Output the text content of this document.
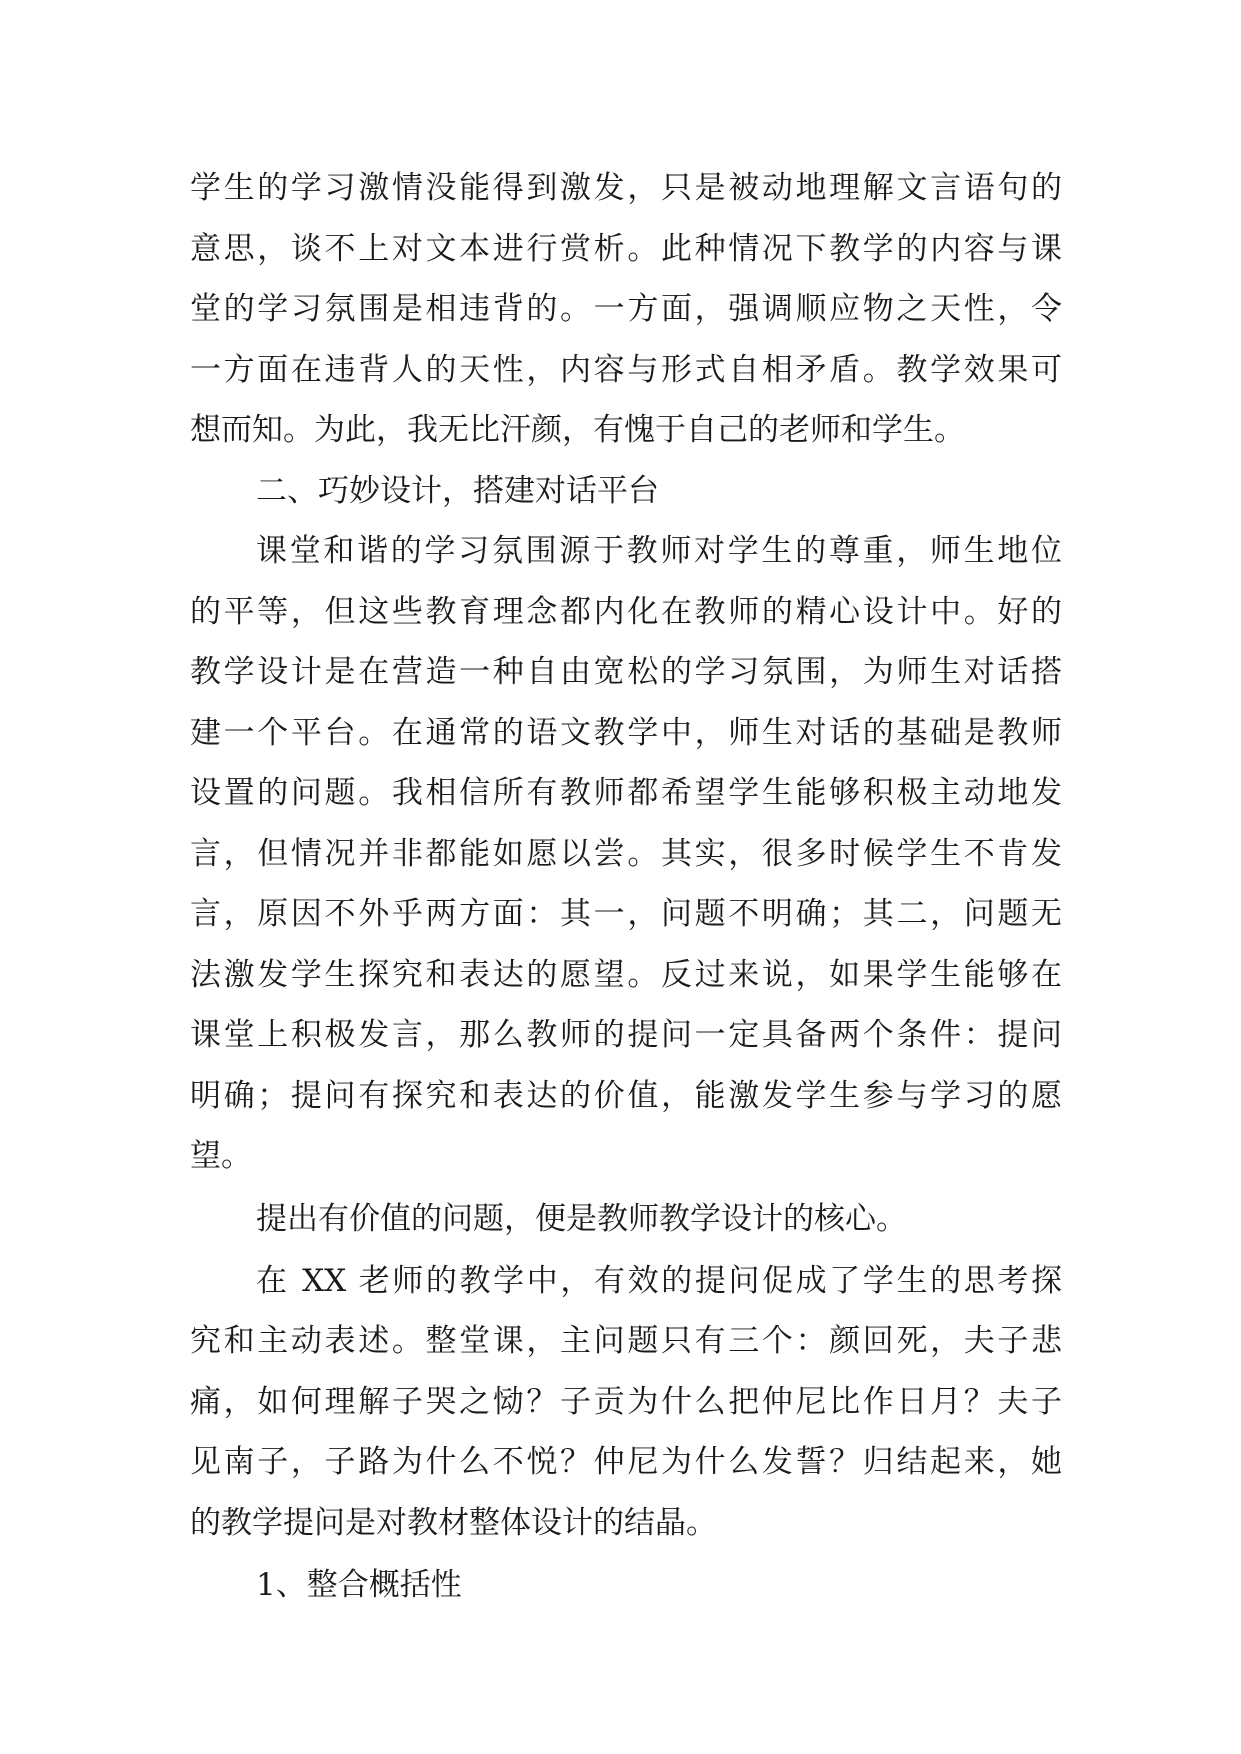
学生的学习激情没能得到激发，只是被动地理解文言语句的
意思，谈不上对文本进行赏析。此种情况下教学的内容与课
堂的学习氛围是相违背的。一方面，强调顺应物之天性，令
一方面在违背人的天性，内容与形式自相矛盾。教学效果可
想而知。为此，我无比汗颜，有愧于自己的老师和学生。
二、巧妙设计，搭建对话平台
课堂和谐的学习氛围源于教师对学生的尊重，师生地位
的平等，但这些教育理念都内化在教师的精心设计中。好的
教学设计是在营造一种自由宽松的学习氛围，为师生对话搭
建一个平台。在通常的语文教学中，师生对话的基础是教师
设置的问题。我相信所有教师都希望学生能够积极主动地发
言，但情况并非都能如愿以尝。其实，很多时候学生不肯发
言，原因不外乎两方面：其一，问题不明确；其二，问题无
法激发学生探究和表达的愿望。反过来说，如果学生能够在
课堂上积极发言，那么教师的提问一定具备两个条件：提问
明确；提问有探究和表达的价值，能激发学生参与学习的愿
望。
提出有价值的问题，便是教师教学设计的核心。
在 XX 老师的教学中，有效的提问促成了学生的思考探
究和主动表述。整堂课，主问题只有三个：颜回死，夫子悲
痛，如何理解子哭之恸？子贡为什么把仲尼比作日月？夫子
见南子，子路为什么不悦？仲尼为什么发誓？归结起来，她
的教学提问是对教材整体设计的结晶。
1、整合概括性
